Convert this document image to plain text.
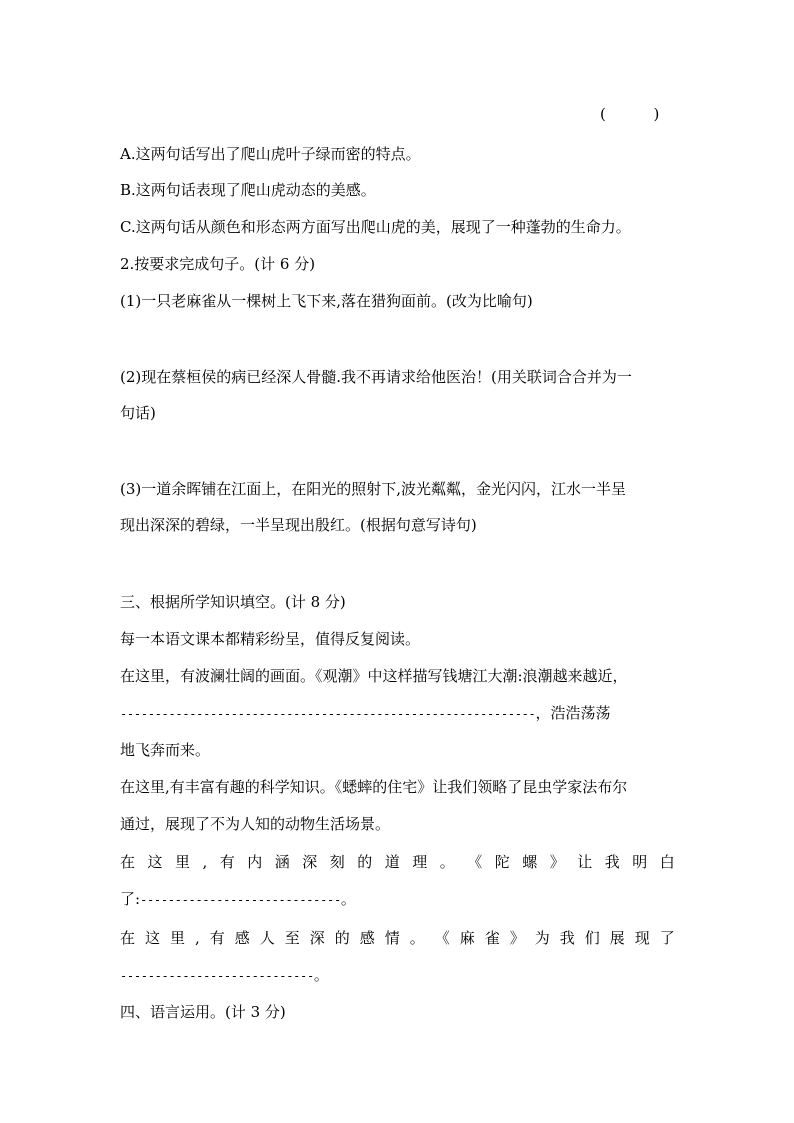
(          )
A.这两句话写出了爬山虎叶子绿而密的特点。
B.这两句话表现了爬山虎动态的美感。
C.这两句话从颜色和形态两方面写出爬山虎的美，展现了一种蓬勃的生命力。
2.按要求完成句子。(计 6 分)
(1)一只老麻雀从一棵树上飞下来,落在猎狗面前。(改为比喻句)
(2)现在蔡桓侯的病已经深人骨髓.我不再请求给他医治！(用关联词合合并为一
句话)
(3)一道余晖铺在江面上，在阳光的照射下,波光粼粼，金光闪闪，江水一半呈
现出深深的碧绿，一半呈现出殷红。(根据句意写诗句)
三、根据所学知识填空。(计 8 分)
每一本语文课本都精彩纷呈，值得反复阅读。
在这里，有波澜壮阔的画面。《观潮》中这样描写钱塘江大潮:浪潮越来越近，
------------------------------------------------------------，浩浩荡荡
地飞奔而来。
在这里,有丰富有趣的科学知识。《蟋蟀的住宅》让我们领略了昆虫学家法布尔
通过，展现了不为人知的动物生活场景。
在 这 里 , 有 内 涵 深 刻 的 道 理 。 《 陀 螺 》 让 我 明 白
了:-----------------------------。
在 这 里 , 有 感 人 至 深 的 感 情 。 《 麻 雀 》 为 我 们 展 现 了
----------------------------。
四、语言运用。(计 3 分)
